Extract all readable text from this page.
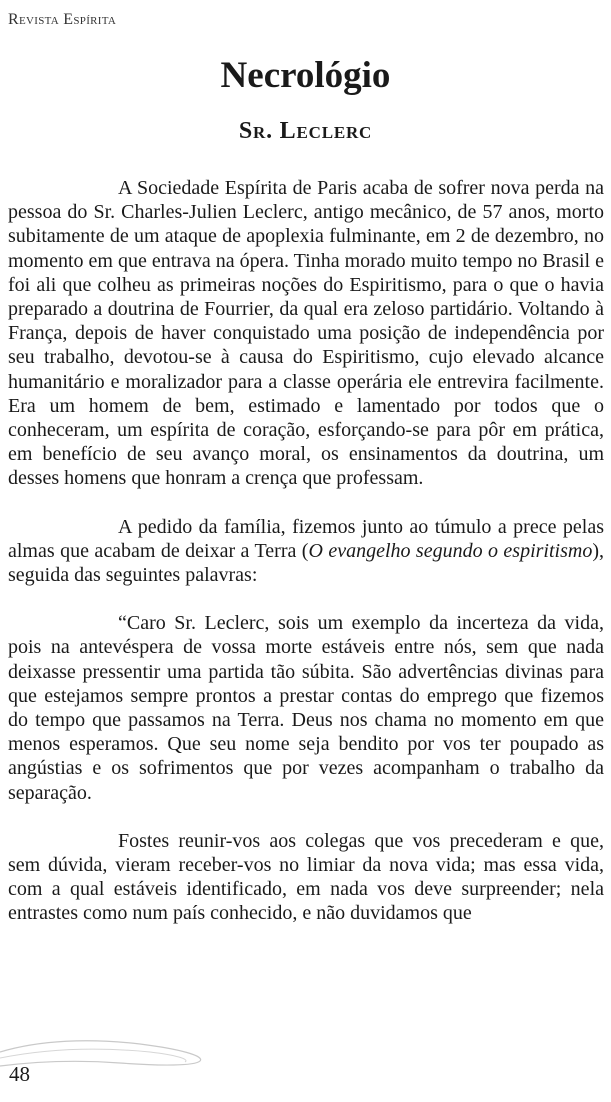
Revista Espírita
Necrológio
Sr. Leclerc

A Sociedade Espírita de Paris acaba de sofrer nova perda na pessoa do Sr. Charles-Julien Leclerc, antigo mecânico, de 57 anos, morto subitamente de um ataque de apoplexia fulminante, em 2 de dezembro, no momento em que entrava na ópera. Tinha morado muito tempo no Brasil e foi ali que colheu as primeiras noções do Espiritismo, para o que o havia preparado a doutrina de Fourrier, da qual era zeloso partidário. Voltando à França, depois de haver conquistado uma posição de independência por seu trabalho, devotou-se à causa do Espiritismo, cujo elevado alcance humanitário e moralizador para a classe operária ele entrevira facilmente. Era um homem de bem, estimado e lamentado por todos que o conheceram, um espírita de coração, esforçando-se para pôr em prática, em benefício de seu avanço moral, os ensinamentos da doutrina, um desses homens que honram a crença que professam.

A pedido da família, fizemos junto ao túmulo a prece pelas almas que acabam de deixar a Terra (O evangelho segundo o espiritismo), seguida das seguintes palavras:

“Caro Sr. Leclerc, sois um exemplo da incerteza da vida, pois na antevéspera de vossa morte estáveis entre nós, sem que nada deixasse pressentir uma partida tão súbita. São advertências divinas para que estejamos sempre prontos a prestar contas do emprego que fizemos do tempo que passamos na Terra. Deus nos chama no momento em que menos esperamos. Que seu nome seja bendito por vos ter poupado as angústias e os sofrimentos que por vezes acompanham o trabalho da separação.

Fostes reunir-vos aos colegas que vos precederam e que, sem dúvida, vieram receber-vos no limiar da nova vida; mas essa vida, com a qual estáveis identificado, em nada vos deve surpreender; nela entrastes como num país conhecido, e não duvidamos que

48
